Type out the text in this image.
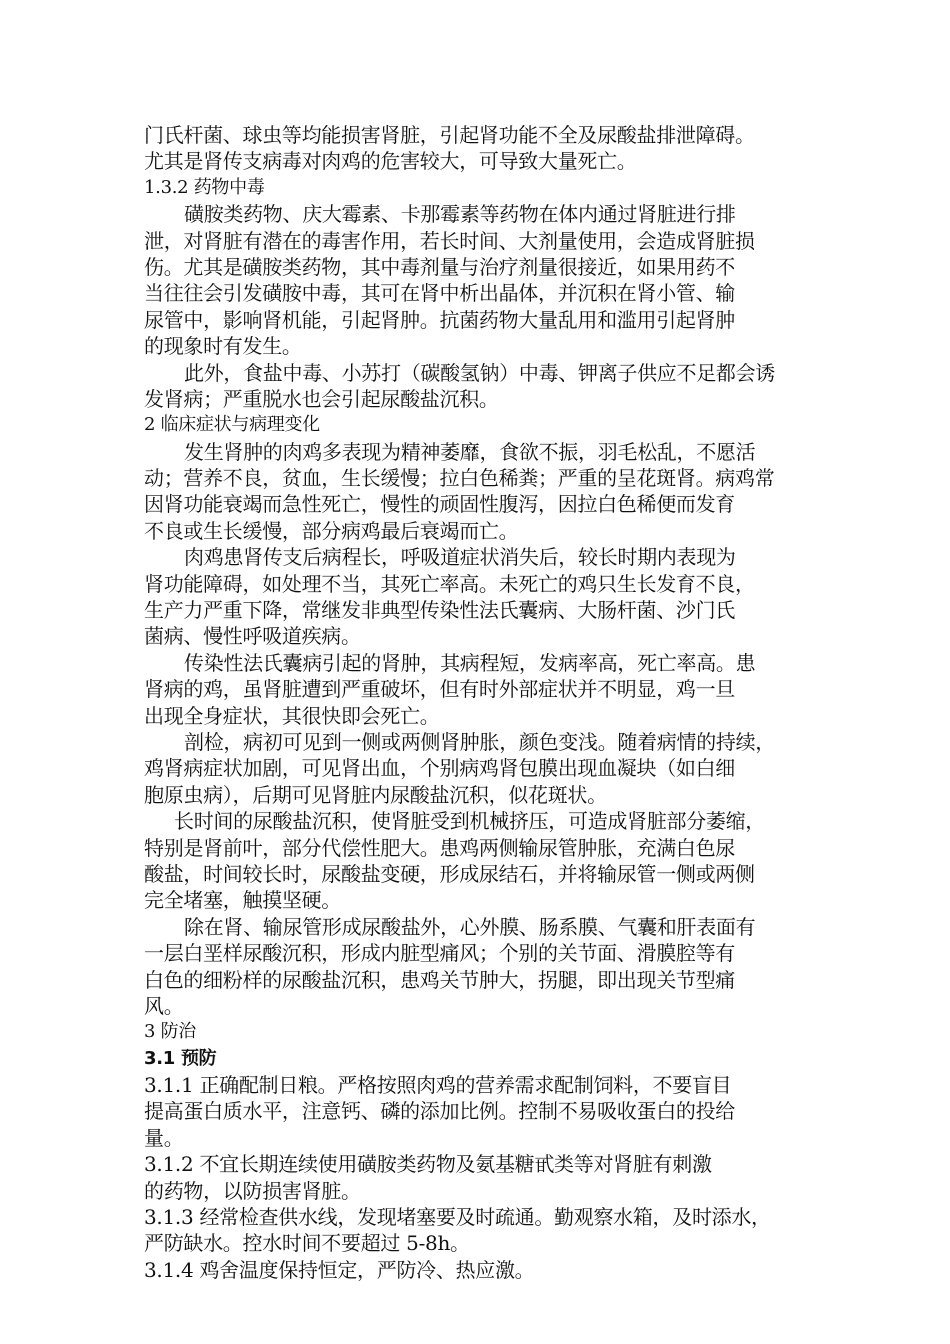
门氏杆菌、球虫等均能损害肾脏，引起肾功能不全及尿酸盐排泄障碍。
尤其是肾传支病毒对肉鸡的危害较大，可导致大量死亡。
1.3.2 药物中毒
磺胺类药物、庆大霉素、卡那霉素等药物在体内通过肾脏进行排
泄，对肾脏有潜在的毒害作用，若长时间、大剂量使用，会造成肾脏损
伤。尤其是磺胺类药物，其中毒剂量与治疗剂量很接近，如果用药不
当往往会引发磺胺中毒，其可在肾中析出晶体，并沉积在肾小管、输
尿管中，影响肾机能，引起肾肿。抗菌药物大量乱用和滥用引起肾肿
的现象时有发生。
此外，食盐中毒、小苏打（碳酸氢钠）中毒、钾离子供应不足都会诱
发肾病；严重脱水也会引起尿酸盐沉积。
2 临床症状与病理变化
发生肾肿的肉鸡多表现为精神萎靡，食欲不振，羽毛松乱，不愿活
动；营养不良，贫血，生长缓慢；拉白色稀粪；严重的呈花斑肾。病鸡常
因肾功能衰竭而急性死亡，慢性的顽固性腹泻，因拉白色稀便而发育
不良或生长缓慢，部分病鸡最后衰竭而亡。
肉鸡患肾传支后病程长，呼吸道症状消失后，较长时期内表现为
肾功能障碍，如处理不当，其死亡率高。未死亡的鸡只生长发育不良，
生产力严重下降，常继发非典型传染性法氏囊病、大肠杆菌、沙门氏
菌病、慢性呼吸道疾病。
传染性法氏囊病引起的肾肿，其病程短，发病率高，死亡率高。患
肾病的鸡，虽肾脏遭到严重破坏，但有时外部症状并不明显，鸡一旦
出现全身症状，其很快即会死亡。
剖检，病初可见到一侧或两侧肾肿胀，颜色变浅。随着病情的持续，
鸡肾病症状加剧，可见肾出血，个别病鸡肾包膜出现血凝块（如白细
胞原虫病），后期可见肾脏内尿酸盐沉积，似花斑状。
长时间的尿酸盐沉积，使肾脏受到机械挤压，可造成肾脏部分萎缩，
特别是肾前叶，部分代偿性肥大。患鸡两侧输尿管肿胀，充满白色尿
酸盐，时间较长时，尿酸盐变硬，形成尿结石，并将输尿管一侧或两侧
完全堵塞，触摸坚硬。
除在肾、输尿管形成尿酸盐外，心外膜、肠系膜、气囊和肝表面有
一层白垩样尿酸沉积，形成内脏型痛风；个别的关节面、滑膜腔等有
白色的细粉样的尿酸盐沉积，患鸡关节肿大，拐腿，即出现关节型痛
风。
3 防治
3.1 预防
3.1.1 正确配制日粮。严格按照肉鸡的营养需求配制饲料，不要盲目
提高蛋白质水平，注意钙、磷的添加比例。控制不易吸收蛋白的投给
量。
3.1.2 不宜长期连续使用磺胺类药物及氨基糖甙类等对肾脏有刺激
的药物，以防损害肾脏。
3.1.3 经常检查供水线，发现堵塞要及时疏通。勤观察水箱，及时添水，
严防缺水。控水时间不要超过 5-8h。
3.1.4 鸡舍温度保持恒定，严防冷、热应激。
